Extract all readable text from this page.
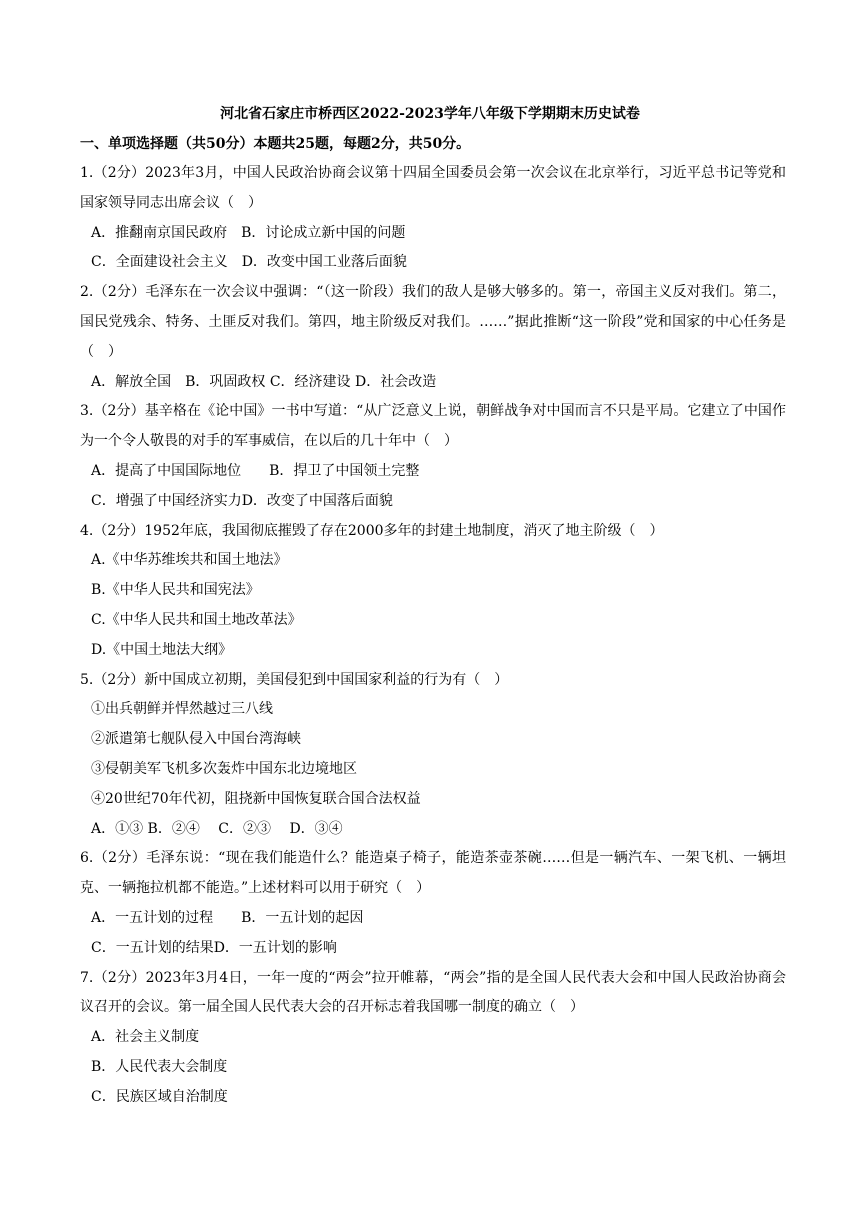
河北省石家庄市桥西区2022-2023学年八年级下学期期末历史试卷
一、单项选择题（共50分）本题共25题，每题2分，共50分。
1.（2分）2023年3月，中国人民政治协商会议第十四届全国委员会第一次会议在北京举行，习近平总书记等党和国家领导同志出席会议（　）
A．推翻南京国民政府　B．讨论成立新中国的问题
C．全面建设社会主义　D．改变中国工业落后面貌
2.（2分）毛泽东在一次会议中强调：“（这一阶段）我们的敌人是够大够多的。第一，帝国主义反对我们。第二，国民党残余、特务、土匪反对我们。第四，地主阶级反对我们。……”据此推断“这一阶段”党和国家的中心任务是（　）
A．解放全国　B．巩固政权 C．经济建设 D．社会改造
3.（2分）基辛格在《论中国》一书中写道：“从广泛意义上说，朝鲜战争对中国而言不只是平局。它建立了中国作为一个令人敬畏的对手的军事威信，在以后的几十年中（　）
A．提高了中国国际地位　　B．捍卫了中国领土完整
C．增强了中国经济实力D．改变了中国落后面貌
4.（2分）1952年底，我国彻底摧毁了存在2000多年的封建土地制度，消灭了地主阶级（　）
A.《中华苏维埃共和国土地法》
B.《中华人民共和国宪法》
C.《中华人民共和国土地改革法》
D.《中国土地法大纲》
5.（2分）新中国成立初期，美国侵犯到中国国家利益的行为有（　）
①出兵朝鲜并悍然越过三八线
②派遣第七舰队侵入中国台湾海峡
③侵朝美军飞机多次轰炸中国东北边境地区
④20世纪70年代初，阻挠新中国恢复联合国合法权益
A．①③ B．②④　 C．②③　 D．③④
6.（2分）毛泽东说：“现在我们能造什么？能造桌子椅子，能造茶壶茶碗……但是一辆汽车、一架飞机、一辆坦克、一辆拖拉机都不能造。”上述材料可以用于研究（　）
A．一五计划的过程　　B．一五计划的起因
C．一五计划的结果D．一五计划的影响
7.（2分）2023年3月4日，一年一度的“两会”拉开帷幕，“两会”指的是全国人民代表大会和中国人民政治协商会议召开的会议。第一届全国人民代表大会的召开标志着我国哪一制度的确立（　）
A．社会主义制度
B．人民代表大会制度
C．民族区域自治制度
